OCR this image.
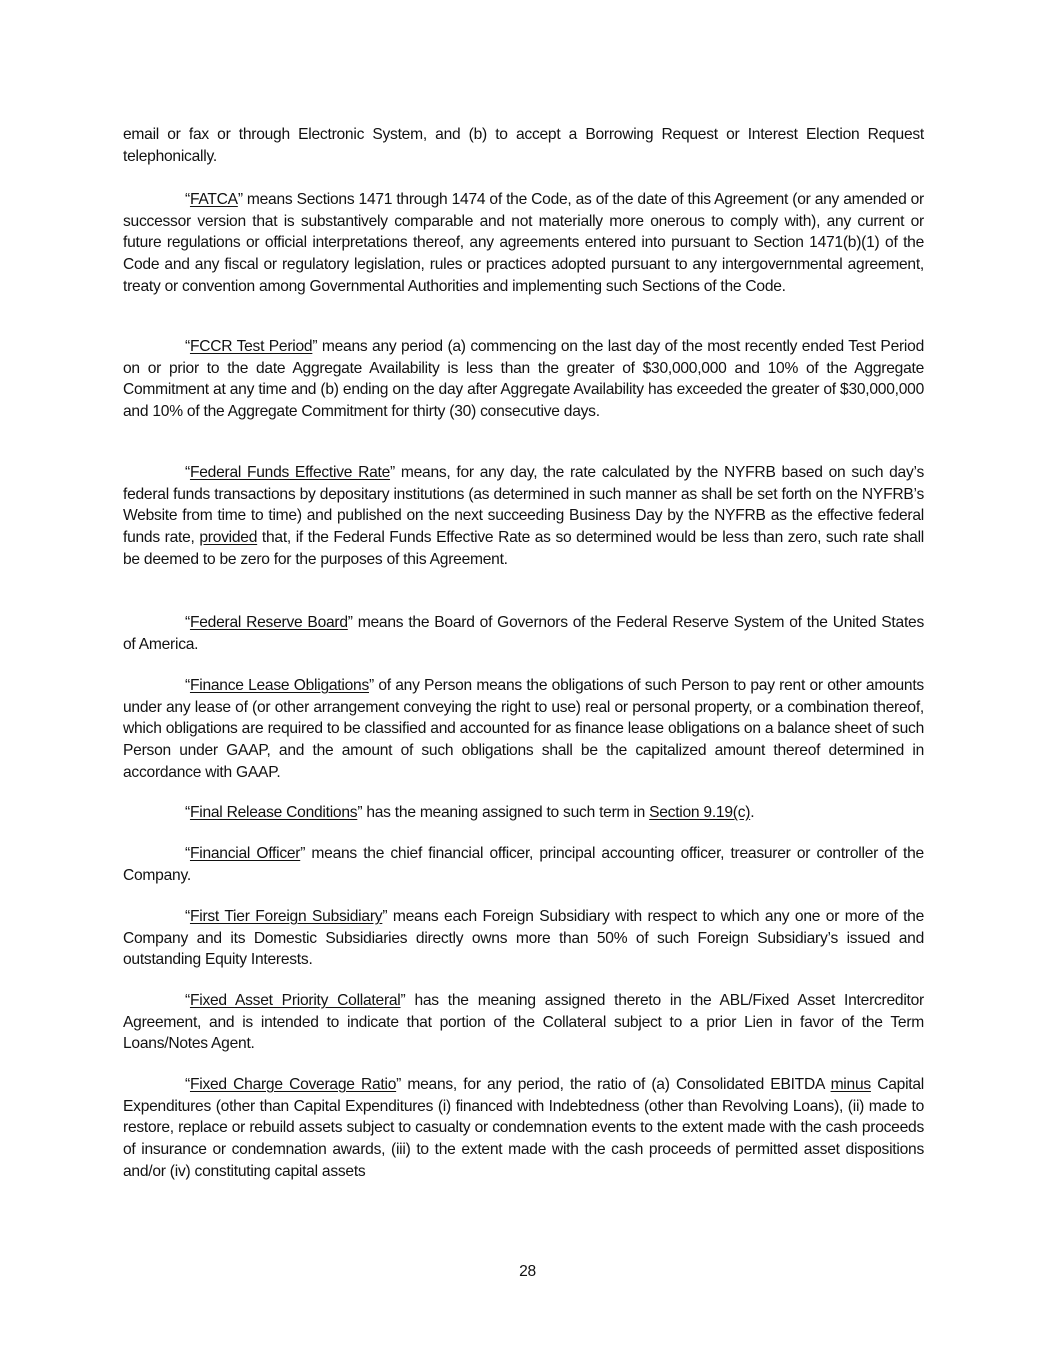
email or fax or through Electronic System, and (b) to accept a Borrowing Request or Interest Election Request telephonically.

“FATCA” means Sections 1471 through 1474 of the Code, as of the date of this Agreement (or any amended or successor version that is substantively comparable and not materially more onerous to comply with), any current or future regulations or official interpretations thereof, any agreements entered into pursuant to Section 1471(b)(1) of the Code and any fiscal or regulatory legislation, rules or practices adopted pursuant to any intergovernmental agreement, treaty or convention among Governmental Authorities and implementing such Sections of the Code.

“FCCR Test Period” means any period (a) commencing on the last day of the most recently ended Test Period on or prior to the date Aggregate Availability is less than the greater of $30,000,000 and 10% of the Aggregate Commitment at any time and (b) ending on the day after Aggregate Availability has exceeded the greater of $30,000,000 and 10% of the Aggregate Commitment for thirty (30) consecutive days.

“Federal Funds Effective Rate” means, for any day, the rate calculated by the NYFRB based on such day’s federal funds transactions by depositary institutions (as determined in such manner as shall be set forth on the NYFRB’s Website from time to time) and published on the next succeeding Business Day by the NYFRB as the effective federal funds rate, provided that, if the Federal Funds Effective Rate as so determined would be less than zero, such rate shall be deemed to be zero for the purposes of this Agreement.

“Federal Reserve Board” means the Board of Governors of the Federal Reserve System of the United States of America.

“Finance Lease Obligations” of any Person means the obligations of such Person to pay rent or other amounts under any lease of (or other arrangement conveying the right to use) real or personal property, or a combination thereof, which obligations are required to be classified and accounted for as finance lease obligations on a balance sheet of such Person under GAAP, and the amount of such obligations shall be the capitalized amount thereof determined in accordance with GAAP.

“Final Release Conditions” has the meaning assigned to such term in Section 9.19(c).

“Financial Officer” means the chief financial officer, principal accounting officer, treasurer or controller of the Company.

“First Tier Foreign Subsidiary” means each Foreign Subsidiary with respect to which any one or more of the Company and its Domestic Subsidiaries directly owns more than 50% of such Foreign Subsidiary’s issued and outstanding Equity Interests.

“Fixed Asset Priority Collateral” has the meaning assigned thereto in the ABL/Fixed Asset Intercreditor Agreement, and is intended to indicate that portion of the Collateral subject to a prior Lien in favor of the Term Loans/Notes Agent.

“Fixed Charge Coverage Ratio” means, for any period, the ratio of (a) Consolidated EBITDA minus Capital Expenditures (other than Capital Expenditures (i) financed with Indebtedness (other than Revolving Loans), (ii) made to restore, replace or rebuild assets subject to casualty or condemnation events to the extent made with the cash proceeds of insurance or condemnation awards, (iii) to the extent made with the cash proceeds of permitted asset dispositions and/or (iv) constituting capital assets

28
